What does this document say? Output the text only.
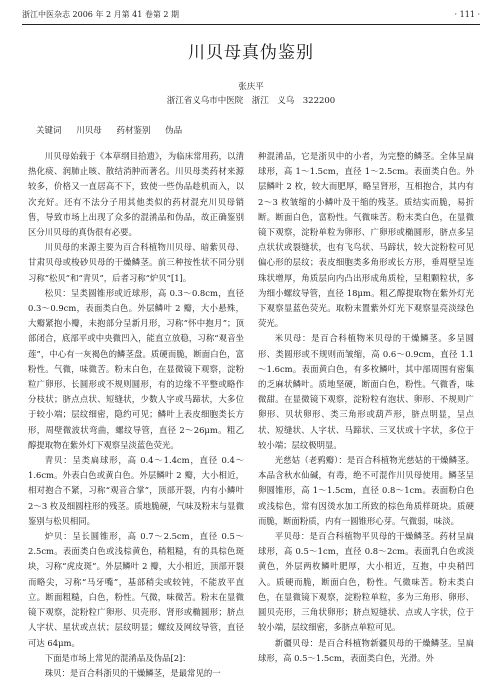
浙江中医杂志 2006 年 2 月第 41 卷第 2 期	· 111 ·
川贝母真伪鉴别
张庆平
浙江省义乌市中医院　浙江　义乌　322200
关键词 川贝母 药材鉴别 伪品

川贝母始载于《本草纲目拾遗》，为临床常用药，以清热化痰、润肺止咳、散结消肿而著名。川贝母类药材来源较多，价格又一直居高不下，致使一些伪品趁机而入，以次充好。还有不法分子用其他类似的药材混充川贝母销售，导致市场上出现了众多的混淆品和伪品，故正确鉴别区分川贝母的真伪很有必要。

川贝母的来源主要为百合科植物川贝母、暗紫贝母、甘肃贝母或梭砂贝母的干燥鳞茎。前三种按性状不同分别习称“松贝”和“青贝”，后者习称“炉贝”[1]。

松贝：呈类圆锥形或近球形，高 0.3～0.8cm，直径 0.3～0.9cm，表面类白色。外层鳞叶 2 瓣，大小悬殊，大瓣紧抱小瓣，未抱部分呈新月形，习称“怀中抱月”；顶部闭合，底部平或中央微凹入，能直立放稳，习称“观音坐莲”，中心有一灰褐色的鳞茎盘。质硬而脆，断面白色，富粉性。气微，味微苦。粉末白色，在显微镜下观察，淀粉粒广卵形、长圆形或不规则圆形，有的边缘不平整或略作分枝状；脐点点状、短缝状，少数人字或马蹄状，大多位于较小端；层纹细密，隐约可见；鳞叶上表皮细胞类长方形，周壁微波状弯曲，螺纹导管，直径 2～26μm。粗乙醇提取物在紫外灯下观察呈淡蓝色荧光。

青贝：呈类扁球形，高 0.4～1.4cm，直径 0.4～1.6cm。外表白色或黄白色。外层鳞叶 2 瓣，大小相近，相对抱合不紧，习称“观音合掌”，顶部开裂，内有小鳞叶 2～3 枚及细圆柱形的残茎。质地脆硬，气味及粉末与显微鉴别与松贝相同。

炉贝：呈长圆锥形，高 0.7～2.5cm，直径 0.5～2.5cm。表面类白色或浅棕黄色，稍粗糙，有的具棕色斑块，习称“虎皮斑”。外层鳞叶 2 瓣，大小相近，顶部开裂而略尖，习称“马牙嘴”，基部稍尖或较钝，不能放平直立。断面粗糙，白色，粉性。气微，味微苦。粉末在显微镜下观察，淀粉粒广卵形、贝壳形、肾形或椭圆形；脐点人字状、星状或点状；层纹明显；螺纹及网纹导管，直径可达 64μm。

下面是市场上常见的混淆品及伪品[2]：

珠贝：是百合科浙贝的干燥鳞茎，是最常见的一

种混淆品，它是浙贝中的小者，为完整的鳞茎。全体呈扁球形，高 1～1.5cm，直径 1～2.5cm。表面类白色。外层鳞叶 2 枚，较大而肥厚，略呈肾形，互相抱合，其内有 2～3 枚皱缩的小鳞叶及干缩的残茎。质结实而脆，易折断。断面白色，富粉性。气微味苦。粉末类白色，在显微镜下观察，淀粉单粒为卵形、广卵形或椭圆形，脐点多呈点状状或裂缝状，也有飞鸟状、马蹄状，较大淀粉粒可见偏心形的层纹；表皮细胞类多角形或长方形，垂周壁呈连珠状增厚，角质层向内凸出形成角质栓，呈粗颗粒状，多为细小螺纹导管，直径 18μm。粗乙醇提取物在紫外灯光下观察显蓝色荧光。取粉末置紫外灯光下观察显亮淡绿色荧光。

米贝母：是百合科植物米贝母的干燥鳞茎。多呈圆形、类圆形或不规则而皱缩，高 0.6～0.9cm，直径 1.1～1.6cm。表面黄白色，有多枚鳞叶，其中部周围有密集的乏麻状鳞叶。质地坚硬，断面白色，粉性。气微香，味微甜。在显微镜下观察，淀粉粒有泡状、卵形、不规则广卵形、贝状卵形、类三角形或葫芦形，脐点明显，呈点状、短缝状、人字状、马蹄状、三叉状或十字状，多位于较小端；层纹极明显。

光慈姑（老鸦瓣）：是百合科植物光慈姑的干燥鳞茎。本品含秋水仙碱，有毒，绝不可混作川贝母使用。鳞茎呈卵圆锥形，高 1～1.5cm，直径 0.8～1cm。表面粉白色或浅棕色，常有因烫水加工所致的棕色角质样斑块。质硬而脆，断面粉质，内有一圆锥形心芽。气微弱，味淡。

平贝母：是百合科植物平贝母的干燥鳞茎。药材呈扁球形，高 0.5～1cm，直径 0.8～2cm。表面乳白色或淡黄色，外层两枚鳞叶肥厚，大小相近，互抱，中央稍凹入。质硬而脆，断面白色，粉性。气微味苦。粉末类白色，在显微镜下观察，淀粉粒单粒，多为三角形、卵形、圆贝壳形，三角状卵形；脐点短缝状、点或人字状，位于较小端，层纹细密，多脐点单粒可见。

新疆贝母：是百合科植物新疆贝母的干燥鳞茎。呈扁球形，高 0.5～1.5cm，表面类白色，光滑。外
